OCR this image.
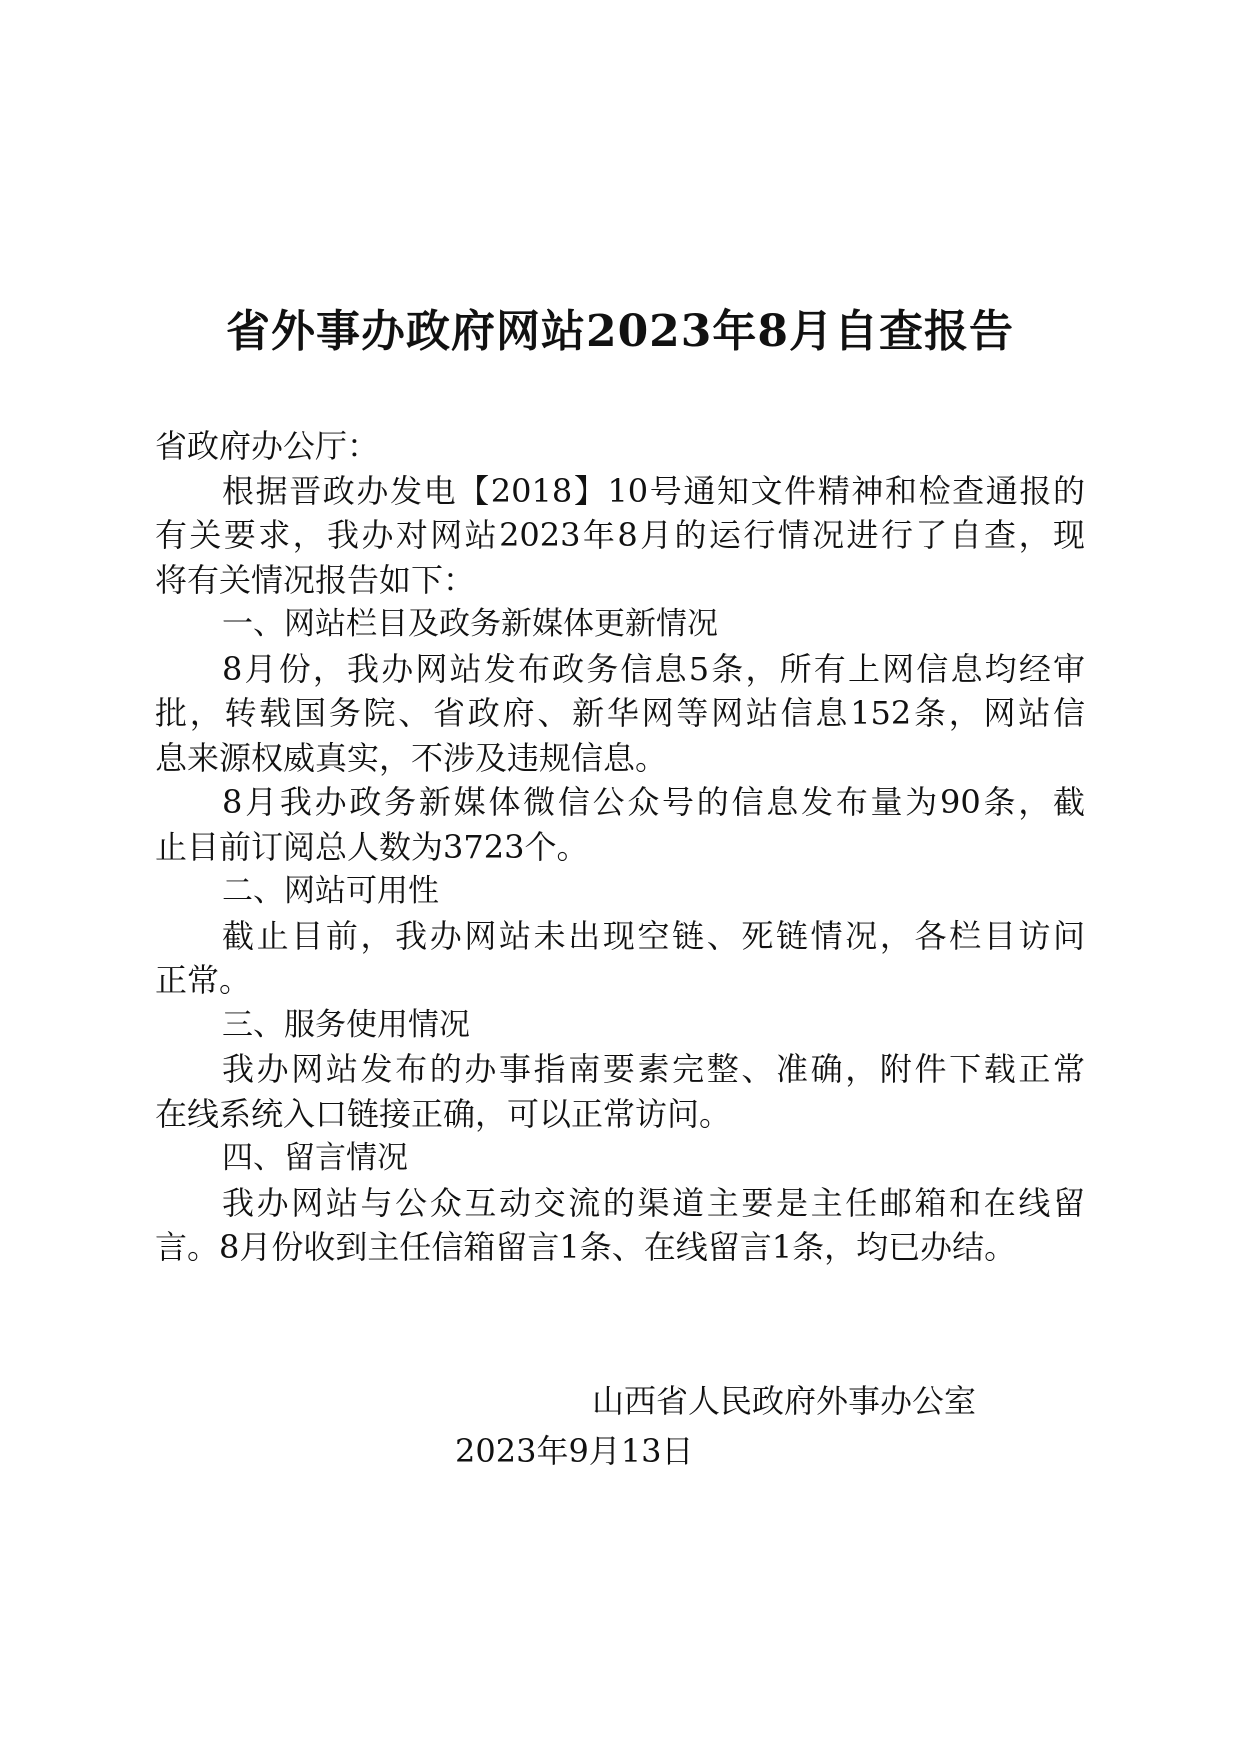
省外事办政府网站2023年8月自查报告
省政府办公厅：
根据晋政办发电【2018】10号通知文件精神和检查通报的
有关要求，我办对网站2023年8月的运行情况进行了自查，现
将有关情况报告如下：
一、网站栏目及政务新媒体更新情况
8月份，我办网站发布政务信息5条，所有上网信息均经审
批，转载国务院、省政府、新华网等网站信息152条，网站信
息来源权威真实，不涉及违规信息。
8月我办政务新媒体微信公众号的信息发布量为90条，截
止目前订阅总人数为3723个。
二、网站可用性
截止目前，我办网站未出现空链、死链情况，各栏目访问
正常。
三、服务使用情况
我办网站发布的办事指南要素完整、准确，附件下载正常
在线系统入口链接正确，可以正常访问。
四、留言情况
我办网站与公众互动交流的渠道主要是主任邮箱和在线留
言。8月份收到主任信箱留言1条、在线留言1条，均已办结。
山西省人民政府外事办公室
2023年9月13日
